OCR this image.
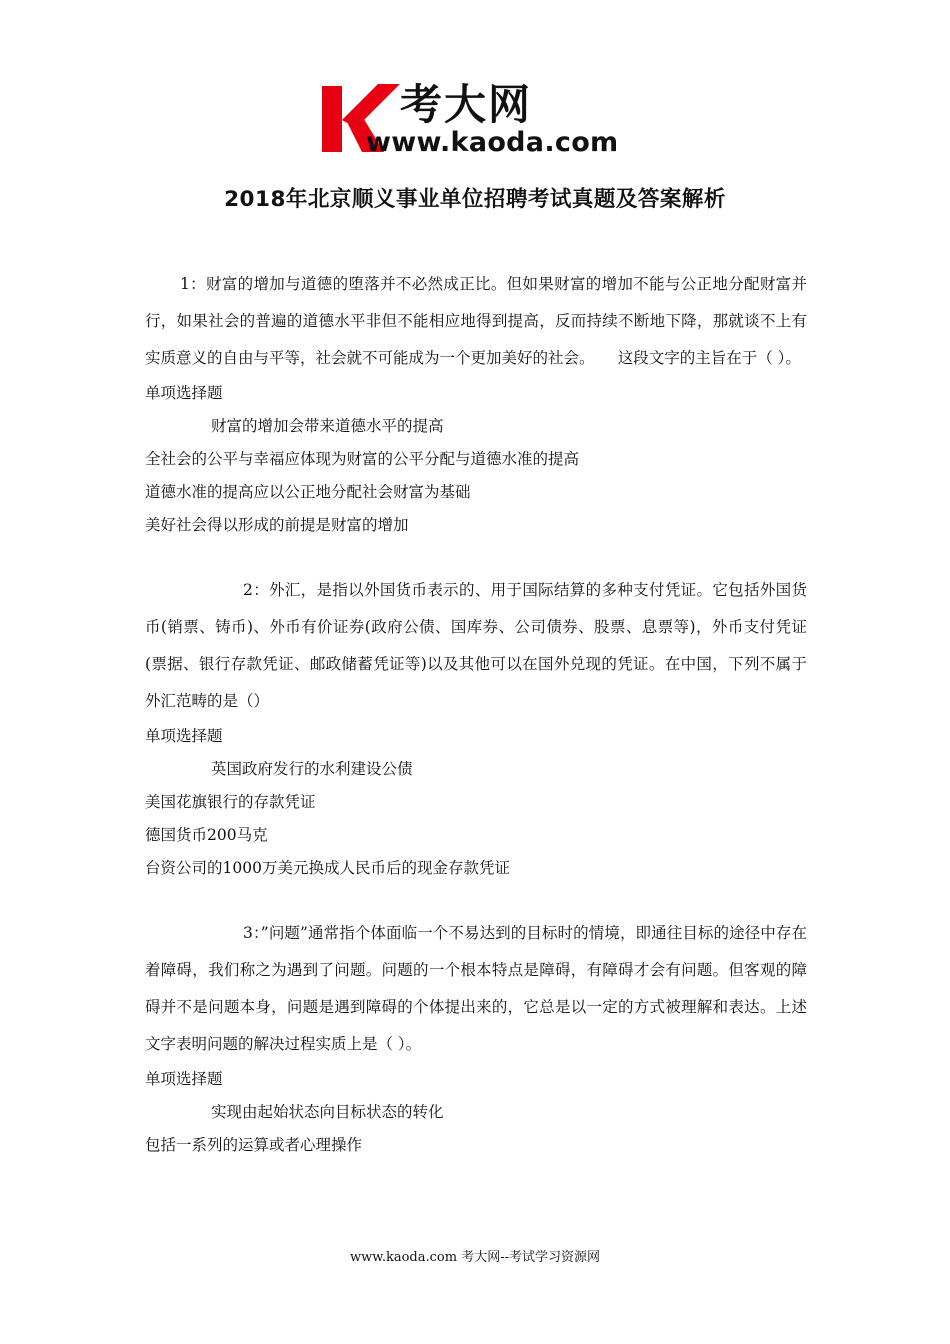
考大网
www.kaoda.com
2018年北京顺义事业单位招聘考试真题及答案解析

1：财富的增加与道德的堕落并不必然成正比。但如果财富的增加不能与公正地分配财富并行，如果社会的普遍的道德水平非但不能相应地得到提高，反而持续不断地下降，那就谈不上有实质意义的自由与平等，社会就不可能成为一个更加美好的社会。　　这段文字的主旨在于（ ）。

单项选择题

财富的增加会带来道德水平的提高

全社会的公平与幸福应体现为财富的公平分配与道德水准的提高

道德水准的提高应以公正地分配社会财富为基础

美好社会得以形成的前提是财富的增加

2：外汇，是指以外国货币表示的、用于国际结算的多种支付凭证。它包括外国货币(销票、铸币)、外币有价证券(政府公债、国库券、公司债券、股票、息票等)，外币支付凭证(票据、银行存款凭证、邮政储蓄凭证等)以及其他可以在国外兑现的凭证。在中国，下列不属于外汇范畴的是（）

单项选择题

英国政府发行的水利建设公债

美国花旗银行的存款凭证

德国货币200马克

台资公司的1000万美元换成人民币后的现金存款凭证

3：”问题”通常指个体面临一个不易达到的目标时的情境，即通往目标的途径中存在着障碍，我们称之为遇到了问题。问题的一个根本特点是障碍，有障碍才会有问题。但客观的障碍并不是问题本身，问题是遇到障碍的个体提出来的，它总是以一定的方式被理解和表达。上述文字表明问题的解决过程实质上是（ ）。

单项选择题

实现由起始状态向目标状态的转化

包括一系列的运算或者心理操作

www.kaoda.com 考大网--考试学习资源网
